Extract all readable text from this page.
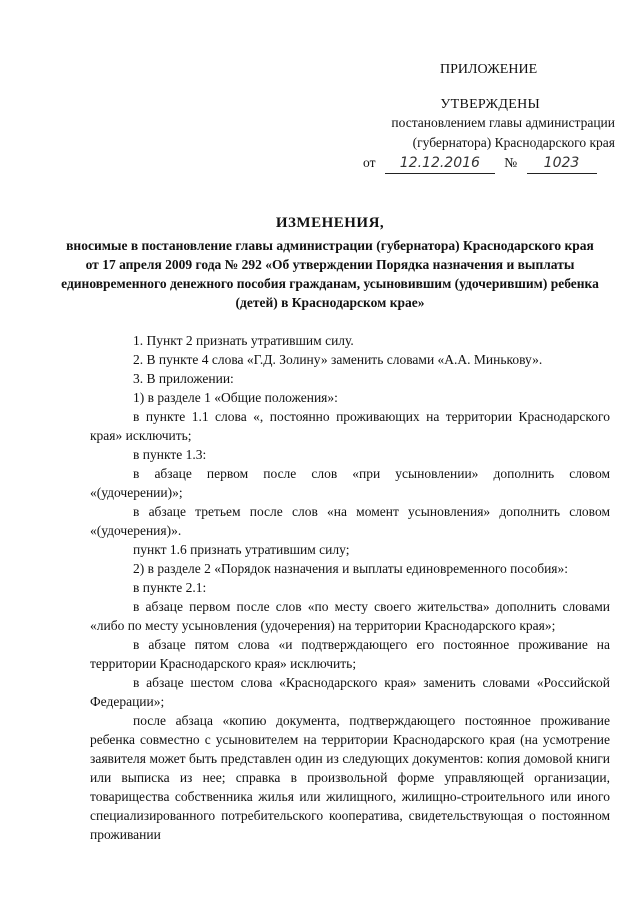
ПРИЛОЖЕНИЕ
УТВЕРЖДЕНЫ
постановлением главы администрации
(губернатора) Краснодарского края
от 12.12.2016 № 1023
ИЗМЕНЕНИЯ,
вносимые в постановление главы администрации (губернатора) Краснодарского края от 17 апреля 2009 года № 292 «Об утверждении Порядка назначения и выплаты единовременного денежного пособия гражданам, усыновившим (удочерившим) ребенка (детей) в Краснодарском крае»

1. Пункт 2 признать утратившим силу.

2. В пункте 4 слова «Г.Д. Золину» заменить словами «А.А. Минькову».

3. В приложении:

1) в разделе 1 «Общие положения»:

в пункте 1.1 слова «, постоянно проживающих на территории Краснодарского края» исключить;

в пункте 1.3:

в абзаце первом после слов «при усыновлении» дополнить словом «(удочерении)»;

в абзаце третьем после слов «на момент усыновления» дополнить словом «(удочерения)».

пункт 1.6 признать утратившим силу;

2) в разделе 2 «Порядок назначения и выплаты единовременного пособия»:

в пункте 2.1:

в абзаце первом после слов «по месту своего жительства» дополнить словами «либо по месту усыновления (удочерения) на территории Краснодарского края»;

в абзаце пятом слова «и подтверждающего его постоянное проживание на территории Краснодарского края» исключить;

в абзаце шестом слова «Краснодарского края» заменить словами «Российской Федерации»;

после абзаца «копию документа, подтверждающего постоянное проживание ребенка совместно с усыновителем на территории Краснодарского края (на усмотрение заявителя может быть представлен один из следующих документов: копия домовой книги или выписка из нее; справка в произвольной форме управляющей организации, товарищества собственника жилья или жилищного, жилищно-строительного или иного специализированного потребительского кооператива, свидетельствующая о постоянном проживании
